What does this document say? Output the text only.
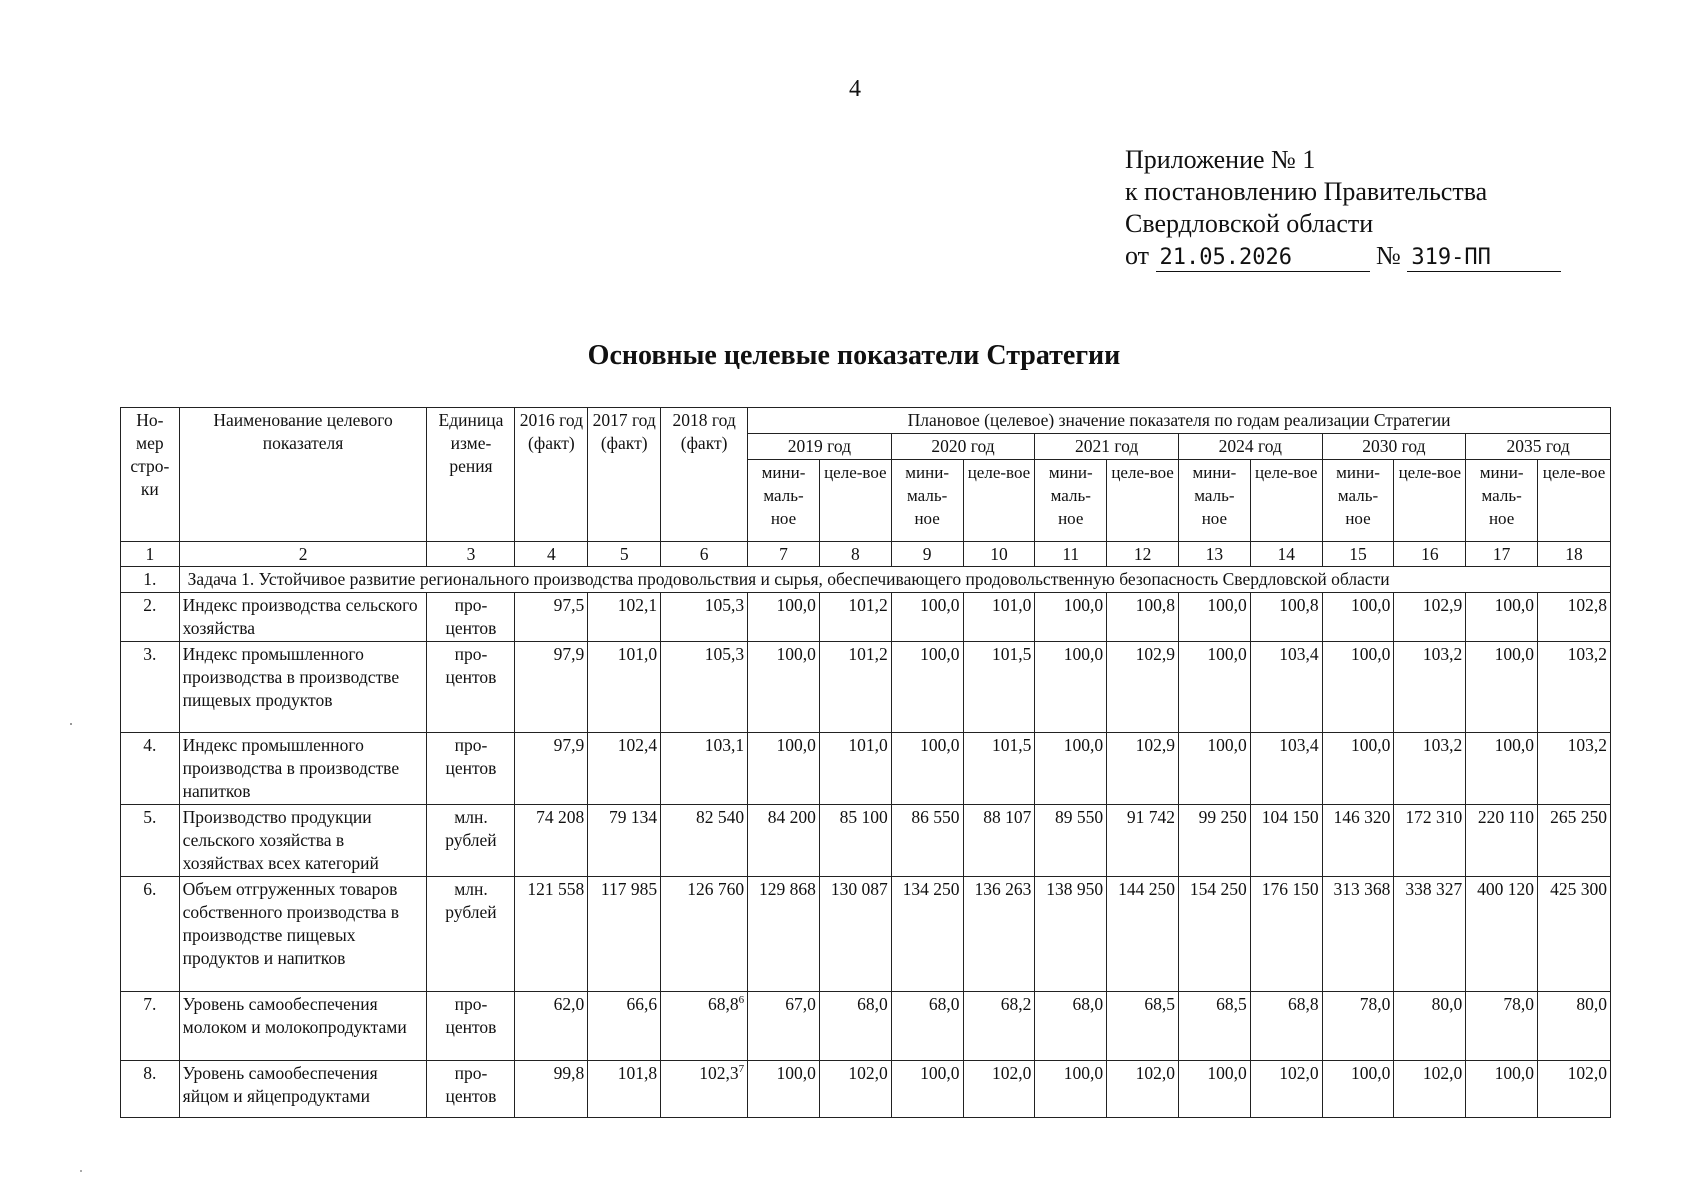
4
Приложение № 1
к постановлению Правительства
Свердловской области
от 21.05.2026	№ 319-ПП
Основные целевые показатели Стратегии
Но-мер стро-ки	Наименование целевого показателя	Единица изме-рения	2016 год (факт)	2017 год (факт)	2018 год (факт)	Плановое (целевое) значение показателя по годам реализации Стратегии											
						2019 год		2020 год		2021 год		2024 год		2030 год		2035 год	
						мини-маль-ное	целе-вое	мини-маль-ное	целе-вое	мини-маль-ное	целе-вое	мини-маль-ное	целе-вое	мини-маль-ное	целе-вое	мини-маль-ное	целе-вое
1	2	3	4	5	6	7	8	9	10	11	12	13	14	15	16	17	18
1.	Задача 1. Устойчивое развитие регионального производства продовольствия и сырья, обеспечивающего продовольственную безопасность Свердловской области																
2.	Индекс производства сельского хозяйства	про-центов	97,5	102,1	105,3	100,0	101,2	100,0	101,0	100,0	100,8	100,0	100,8	100,0	102,9	100,0	102,8
3.	Индекс промышленного производства в производстве пищевых продуктов	про-центов	97,9	101,0	105,3	100,0	101,2	100,0	101,5	100,0	102,9	100,0	103,4	100,0	103,2	100,0	103,2
4.	Индекс промышленного производства в производстве напитков	про-центов	97,9	102,4	103,1	100,0	101,0	100,0	101,5	100,0	102,9	100,0	103,4	100,0	103,2	100,0	103,2
5.	Производство продукции сельского хозяйства в хозяйствах всех категорий	млн. рублей	74 208	79 134	82 540	84 200	85 100	86 550	88 107	89 550	91 742	99 250	104 150	146 320	172 310	220 110	265 250
6.	Объем отгруженных товаров собственного производства в производстве пищевых продуктов и напитков	млн. рублей	121 558	117 985	126 760	129 868	130 087	134 250	136 263	138 950	144 250	154 250	176 150	313 368	338 327	400 120	425 300
7.	Уровень самообеспечения молоком и молокопродуктами	про-центов	62,0	66,6	68,8$^6$	67,0	68,0	68,0	68,2	68,0	68,5	68,5	68,8	78,0	80,0	78,0	80,0
8.	Уровень самообеспечения яйцом и яйцепродуктами	про-центов	99,8	101,8	102,3$^7$	100,0	102,0	100,0	102,0	100,0	102,0	100,0	102,0	100,0	102,0	100,0	102,0
